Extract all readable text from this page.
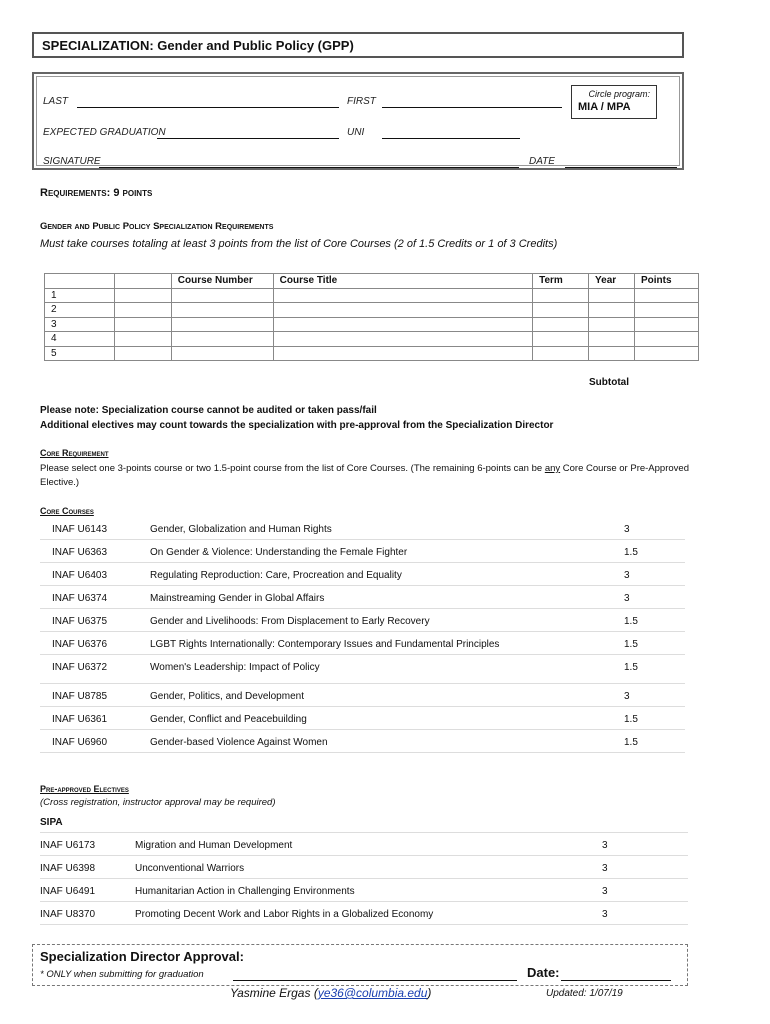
SPECIALIZATION: Gender and Public Policy (GPP)
LAST	FIRST
Circle program:
MIA / MPA
EXPECTED GRADUATION	UNI
SIGNATURE	DATE
Requirements: 9 points
Gender and Public Policy Specialization Requirements
Must take courses totaling at least 3 points from the list of Core Courses (2 of 1.5 Credits or 1 of 3 Credits)
		Course Number	Course Title	Term	Year	Points
1						
2						
3						
4						
5						
Subtotal
Please note: Specialization course cannot be audited or taken pass/fail
Additional electives may count towards the specialization with pre-approval from the Specialization Director
Core Requirement
Please select one 3-points course or two 1.5-point course from the list of Core Courses. (The remaining 6-points can be any Core Course or Pre-Approved Elective.)
Core Courses
INAF U6143	Gender, Globalization and Human Rights	3
INAF U6363	On Gender & Violence: Understanding the Female Fighter	1.5
INAF U6403	Regulating Reproduction: Care, Procreation and Equality	3
INAF U6374	Mainstreaming Gender in Global Affairs	3
INAF U6375	Gender and Livelihoods: From Displacement to Early Recovery	1.5
INAF U6376	LGBT Rights Internationally: Contemporary Issues and Fundamental Principles	1.5
INAF U6372	Women's Leadership: Impact of Policy	1.5
INAF U8785	Gender, Politics, and Development	3
INAF U6361	Gender, Conflict and Peacebuilding	1.5
INAF U6960	Gender-based Violence Against Women	1.5
Pre-approved Electives
(Cross registration, instructor approval may be required)
SIPA
INAF U6173	Migration and Human Development	3
INAF U6398	Unconventional Warriors	3
INAF U6491	Humanitarian Action in Challenging Environments	3
INAF U8370	Promoting Decent Work and Labor Rights in a Globalized Economy	3
Specialization Director Approval:
* ONLY when submitting for graduation	Date:
Yasmine Ergas (ye36@columbia.edu)	Updated: 1/07/19
